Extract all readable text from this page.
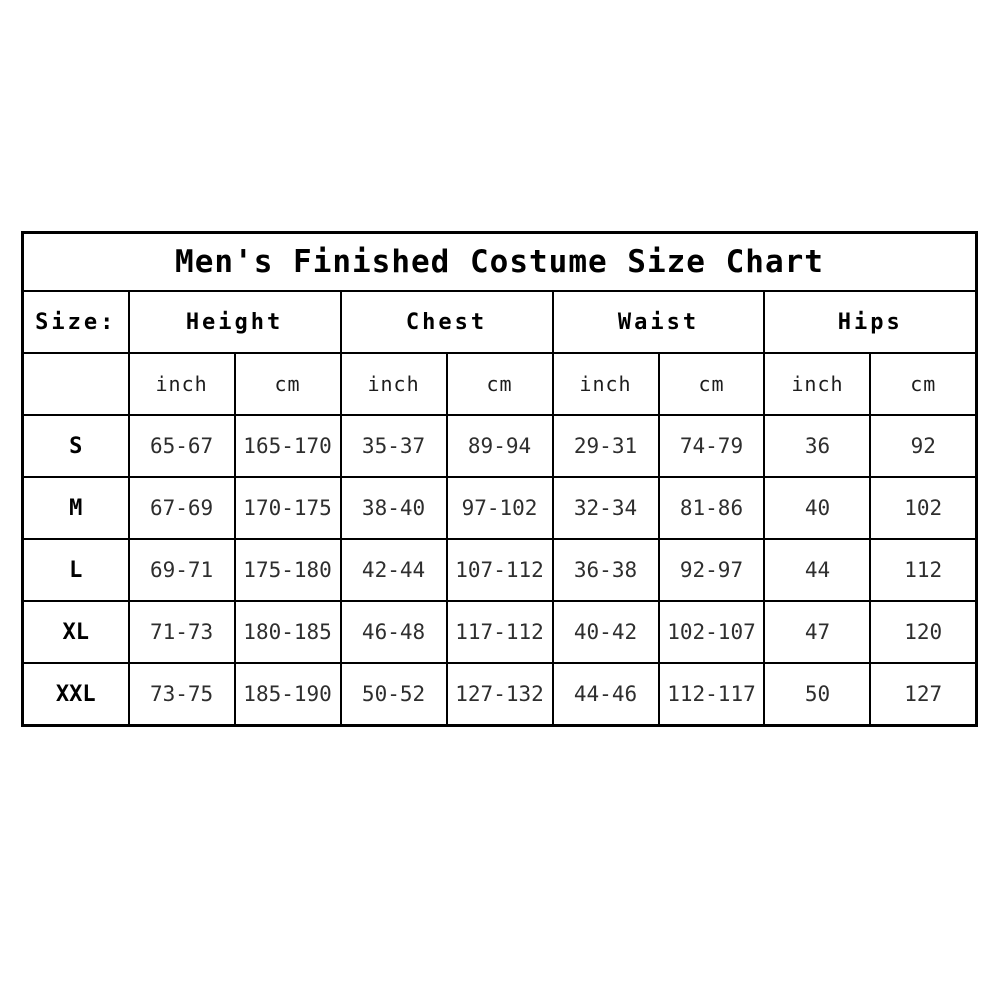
Men's Finished Costume Size Chart								
Size:	Height		Chest		Waist		Hips	
	inch	cm	inch	cm	inch	cm	inch	cm
S	65-67	165-170	35-37	89-94	29-31	74-79	36	92
M	67-69	170-175	38-40	97-102	32-34	81-86	40	102
L	69-71	175-180	42-44	107-112	36-38	92-97	44	112
XL	71-73	180-185	46-48	117-112	40-42	102-107	47	120
XXL	73-75	185-190	50-52	127-132	44-46	112-117	50	127
